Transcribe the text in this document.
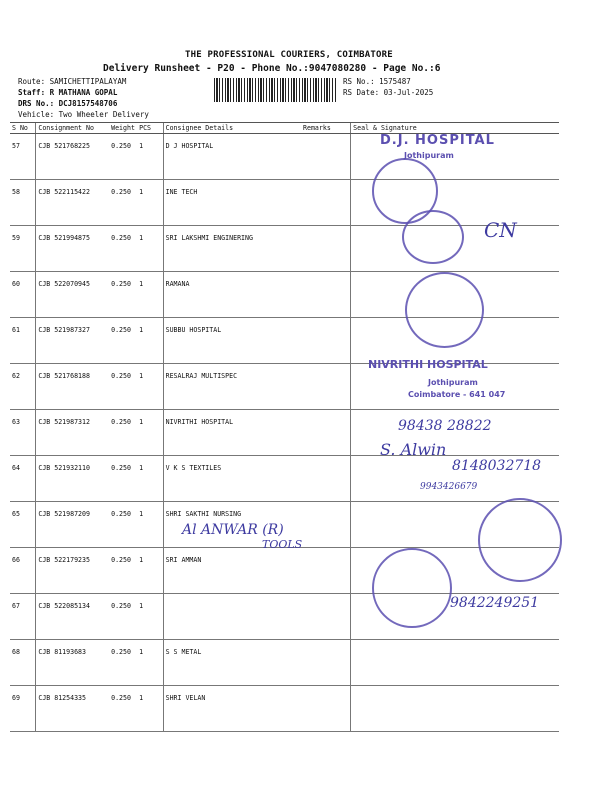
THE PROFESSIONAL COURIERS, COIMBATORE
Delivery Runsheet - P20 - Phone No.:9047080280 - Page No.:6
Route: SAMICHETTIPALAYAM
Staff: R MATHANA GOPAL
DRS No.: DCJ8157548706
Vehicle: Two Wheeler Delivery
RS No.: 1575487
RS Date: 03-Jul-2025
S No	Consignment No	Weight	PCS	Consignee Details	Remarks	Seal & Signature
57	CJB 521768225	0.250	1	D J HOSPITAL		
58	CJB 522115422	0.250	1	INE TECH		
59	CJB 521994875	0.250	1	SRI LAKSHMI ENGINERING		
60	CJB 522070945	0.250	1	RAMANA		
61	CJB 521987327	0.250	1	SUBBU HOSPITAL		
62	CJB 521768188	0.250	1	RESALRAJ MULTISPEC		
63	CJB 521987312	0.250	1	NIVRITHI HOSPITAL		
64	CJB 521932110	0.250	1	V K S TEXTILES		
65	CJB 521987209	0.250	1	SHRI SAKTHI NURSING		
66	CJB 522179235	0.250	1	SRI AMMAN		
67	CJB 522085134	0.250	1			
68	CJB 81193683	0.250	1	S S METAL		
69	CJB 81254335	0.250	1	SHRI VELAN		
D.J. HOSPITAL
Jothipuram
CN
NIVRITHI HOSPITAL
Jothipuram
Coimbatore - 641 047
98438 28822
S. Alwin
8148032718
9943426679
Al ANWAR (R)
TOOLS
9842249251
